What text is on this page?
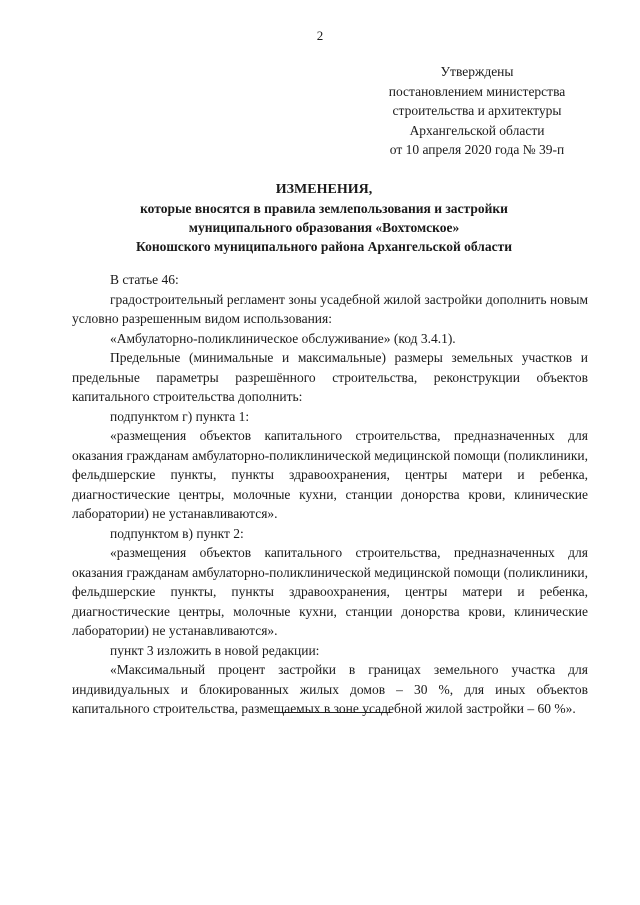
2
Утверждены
постановлением министерства
строительства и архитектуры
Архангельской области
от 10 апреля 2020 года № 39-п
ИЗМЕНЕНИЯ,
которые вносятся в правила землепользования и застройки
муниципального образования «Вохтомское»
Коношского муниципального района Архангельской области

В статье 46:

градостроительный регламент зоны усадебной жилой застройки дополнить новым условно разрешенным видом использования:

«Амбулаторно-поликлиническое обслуживание» (код 3.4.1).

Предельные (минимальные и максимальные) размеры земельных участков и предельные параметры разрешённого строительства, реконструкции объектов капитального строительства дополнить:

подпунктом г) пункта 1:

«размещения объектов капитального строительства, предназначенных для оказания гражданам амбулаторно-поликлинической медицинской помощи (поликлиники, фельдшерские пункты, пункты здравоохранения, центры матери и ребенка, диагностические центры, молочные кухни, станции донорства крови, клинические лаборатории) не устанавливаются».

подпунктом в) пункт 2:

«размещения объектов капитального строительства, предназначенных для оказания гражданам амбулаторно-поликлинической медицинской помощи (поликлиники, фельдшерские пункты, пункты здравоохранения, центры матери и ребенка, диагностические центры, молочные кухни, станции донорства крови, клинические лаборатории) не устанавливаются».

пункт 3 изложить в новой редакции:

«Максимальный процент застройки в границах земельного участка для индивидуальных и блокированных жилых домов – 30 %, для иных объектов капитального строительства, размещаемых в зоне усадебной жилой застройки – 60 %».
